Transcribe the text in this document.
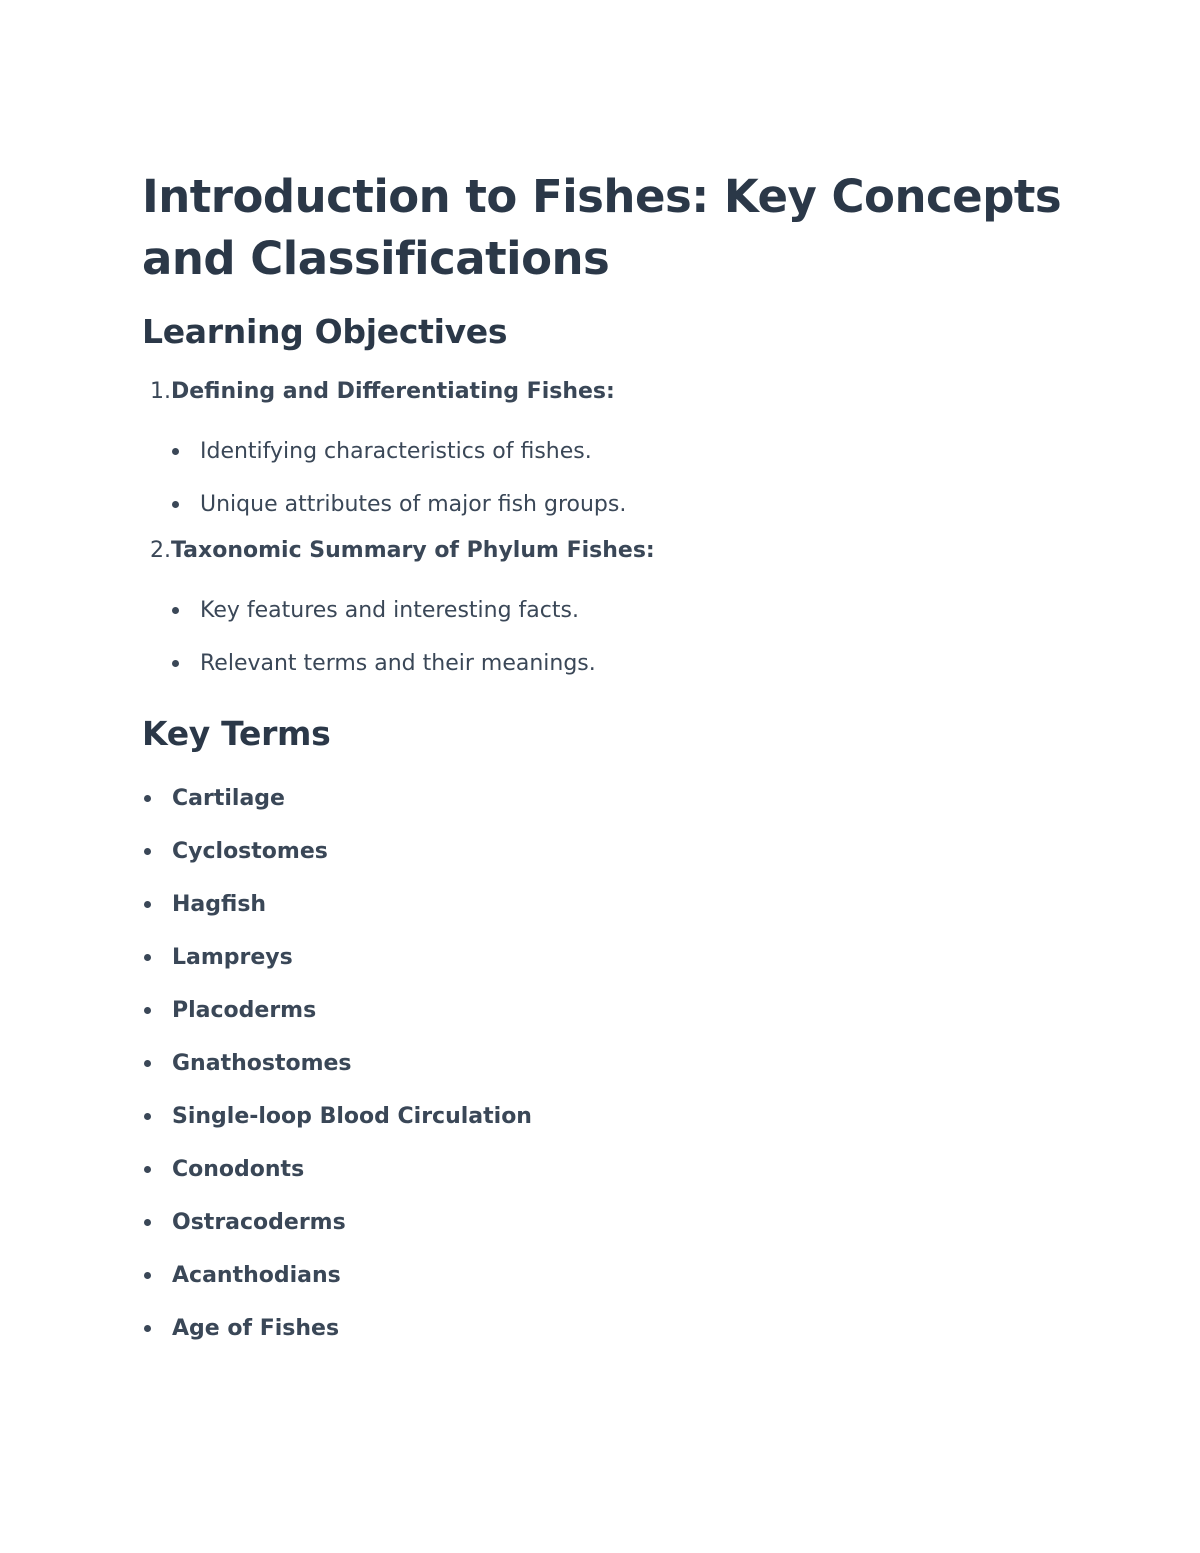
Introduction to Fishes: Key Concepts and Classifications
Learning Objectives
1. Defining and Differentiating Fishes:
Identifying characteristics of fishes.
Unique attributes of major fish groups.
2. Taxonomic Summary of Phylum Fishes:
Key features and interesting facts.
Relevant terms and their meanings.
Key Terms
Cartilage
Cyclostomes
Hagfish
Lampreys
Placoderms
Gnathostomes
Single-loop Blood Circulation
Conodonts
Ostracoderms
Acanthodians
Age of Fishes
